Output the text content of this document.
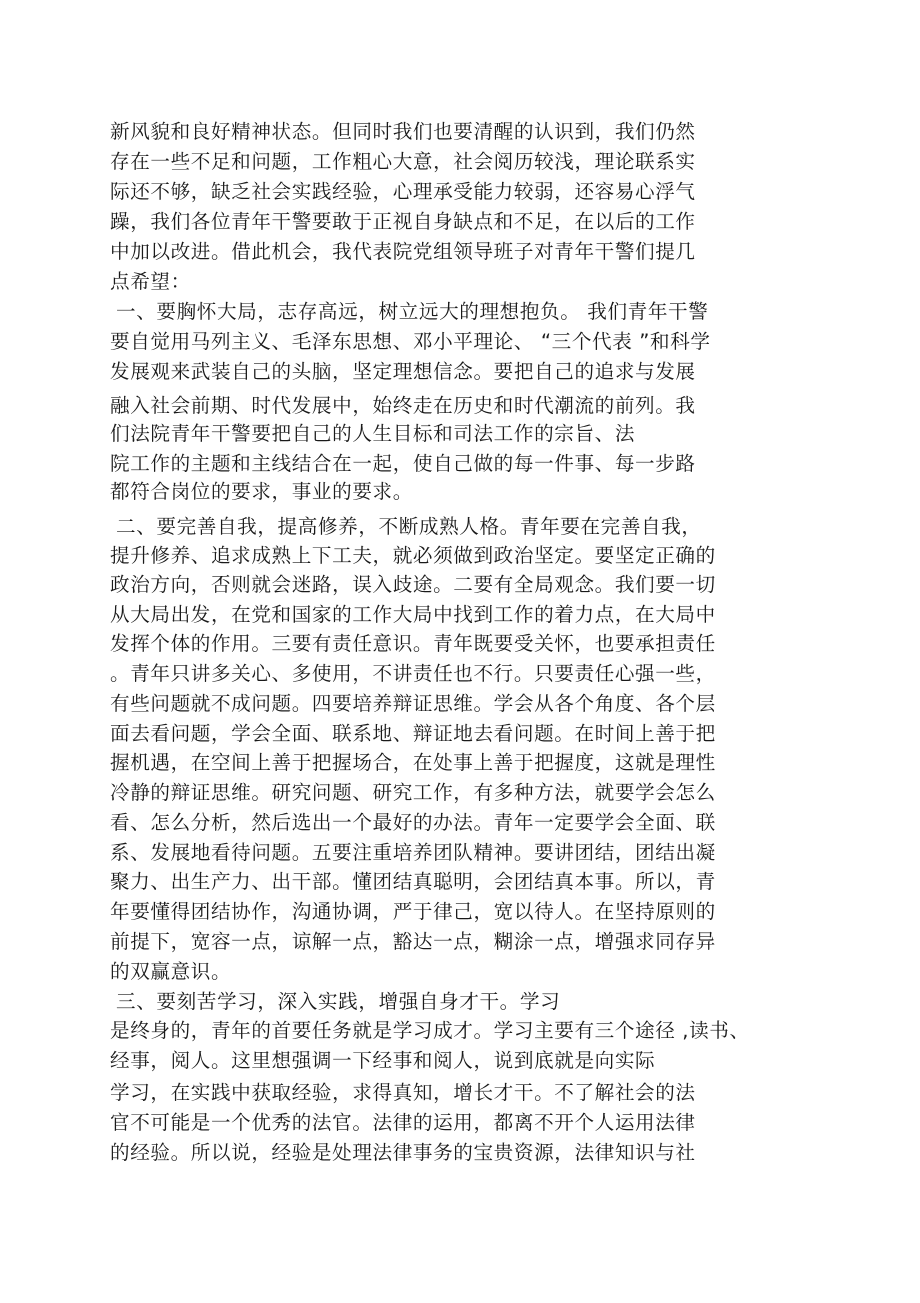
新风貌和良好精神状态。但同时我们也要清醒的认识到，我们仍然
存在一些不足和问题，工作粗心大意，社会阅历较浅，理论联系实
际还不够，缺乏社会实践经验，心理承受能力较弱，还容易心浮气
躁，我们各位青年干警要敢于正视自身缺点和不足，在以后的工作
中加以改进。借此机会，我代表院党组领导班子对青年干警们提几
点希望：
一、要胸怀大局，志存高远，树立远大的理想抱负。 我们青年干警
要自觉用马列主义、毛泽东思想、邓小平理论、 “三个代表 ”和科学
发展观来武装自己的头脑，坚定理想信念。要把自己的追求与发展
融入社会前期、时代发展中，始终走在历史和时代潮流的前列。我
们法院青年干警要把自己的人生目标和司法工作的宗旨、法
院工作的主题和主线结合在一起，使自己做的每一件事、每一步路
都符合岗位的要求，事业的要求。
二、要完善自我，提高修养，不断成熟人格。青年要在完善自我，
提升修养、追求成熟上下工夫，就必须做到政治坚定。要坚定正确的
政治方向，否则就会迷路，误入歧途。二要有全局观念。我们要一切
从大局出发，在党和国家的工作大局中找到工作的着力点，在大局中
发挥个体的作用。三要有责任意识。青年既要受关怀，也要承担责任
。青年只讲多关心、多使用，不讲责任也不行。只要责任心强一些，
有些问题就不成问题。四要培养辩证思维。学会从各个角度、各个层
面去看问题，学会全面、联系地、辩证地去看问题。在时间上善于把
握机遇，在空间上善于把握场合，在处事上善于把握度，这就是理性
冷静的辩证思维。研究问题、研究工作，有多种方法，就要学会怎么
看、怎么分析，然后选出一个最好的办法。青年一定要学会全面、联
系、发展地看待问题。五要注重培养团队精神。要讲团结，团结出凝
聚力、出生产力、出干部。懂团结真聪明，会团结真本事。所以，青
年要懂得团结协作，沟通协调，严于律己，宽以待人。在坚持原则的
前提下，宽容一点，谅解一点，豁达一点，糊涂一点，增强求同存异
的双赢意识。
三、要刻苦学习，深入实践，增强自身才干。学习
是终身的，青年的首要任务就是学习成才。学习主要有三个途径 ,读书、
经事，阅人。这里想强调一下经事和阅人，说到底就是向实际
学习，在实践中获取经验，求得真知，增长才干。不了解社会的法
官不可能是一个优秀的法官。法律的运用，都离不开个人运用法律
的经验。所以说，经验是处理法律事务的宝贵资源，法律知识与社
